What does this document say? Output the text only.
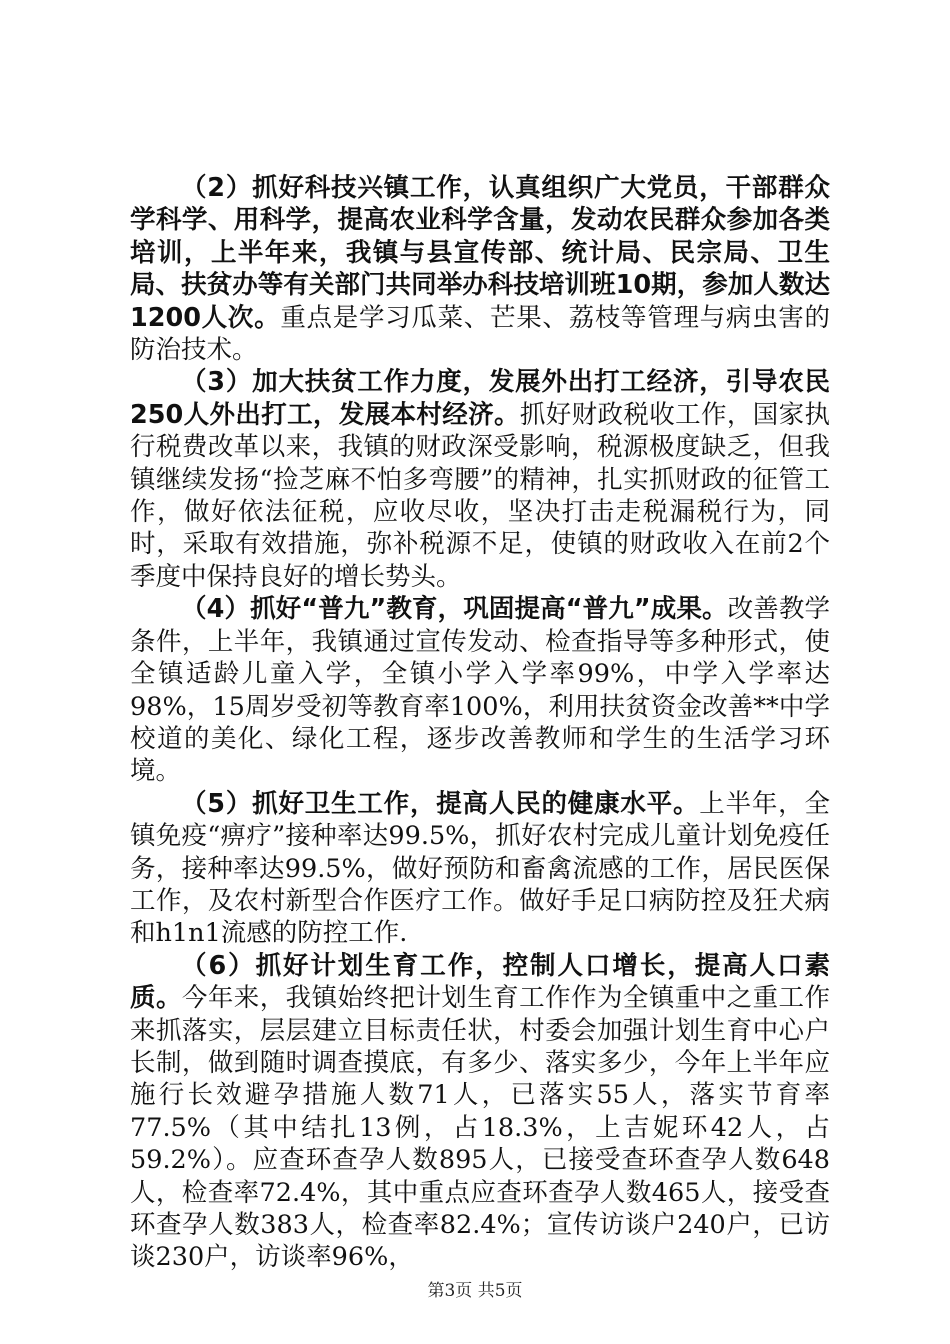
（2）抓好科技兴镇工作，认真组织广大党员，干部群众学科学、用科学，提高农业科学含量，发动农民群众参加各类培训，上半年来，我镇与县宣传部、统计局、民宗局、卫生局、扶贫办等有关部门共同举办科技培训班10期，参加人数达1200人次。重点是学习瓜菜、芒果、荔枝等管理与病虫害的防治技术。

（3）加大扶贫工作力度，发展外出打工经济，引导农民250人外出打工，发展本村经济。抓好财政税收工作，国家执行税费改革以来，我镇的财政深受影响，税源极度缺乏，但我镇继续发扬“捡芝麻不怕多弯腰”的精神，扎实抓财政的征管工作，做好依法征税，应收尽收，坚决打击走税漏税行为，同时，采取有效措施，弥补税源不足，使镇的财政收入在前2个季度中保持良好的增长势头。

（4）抓好“普九”教育，巩固提高“普九”成果。改善教学条件，上半年，我镇通过宣传发动、检查指导等多种形式，使全镇适龄儿童入学，全镇小学入学率99%，中学入学率达98%，15周岁受初等教育率100%，利用扶贫资金改善**中学校道的美化、绿化工程，逐步改善教师和学生的生活学习环境。

（5）抓好卫生工作，提高人民的健康水平。上半年，全镇免疫“痹疗”接种率达99.5%，抓好农村完成儿童计划免疫任务，接种率达99.5%，做好预防和畜禽流感的工作，居民医保工作，及农村新型合作医疗工作。做好手足口病防控及狂犬病和h1n1流感的防控工作.

（6）抓好计划生育工作，控制人口增长，提高人口素质。今年来，我镇始终把计划生育工作作为全镇重中之重工作来抓落实，层层建立目标责任状，村委会加强计划生育中心户长制，做到随时调查摸底，有多少、落实多少，今年上半年应施行长效避孕措施人数71人，已落实55人，落实节育率77.5%（其中结扎13例，占18.3%，上吉妮环42人，占59.2%）。应查环查孕人数895人，已接受查环查孕人数648人，检查率72.4%，其中重点应查环查孕人数465人，接受查环查孕人数383人，检查率82.4%；宣传访谈户240户，已访谈230户，访谈率96%，

第3页 共5页
